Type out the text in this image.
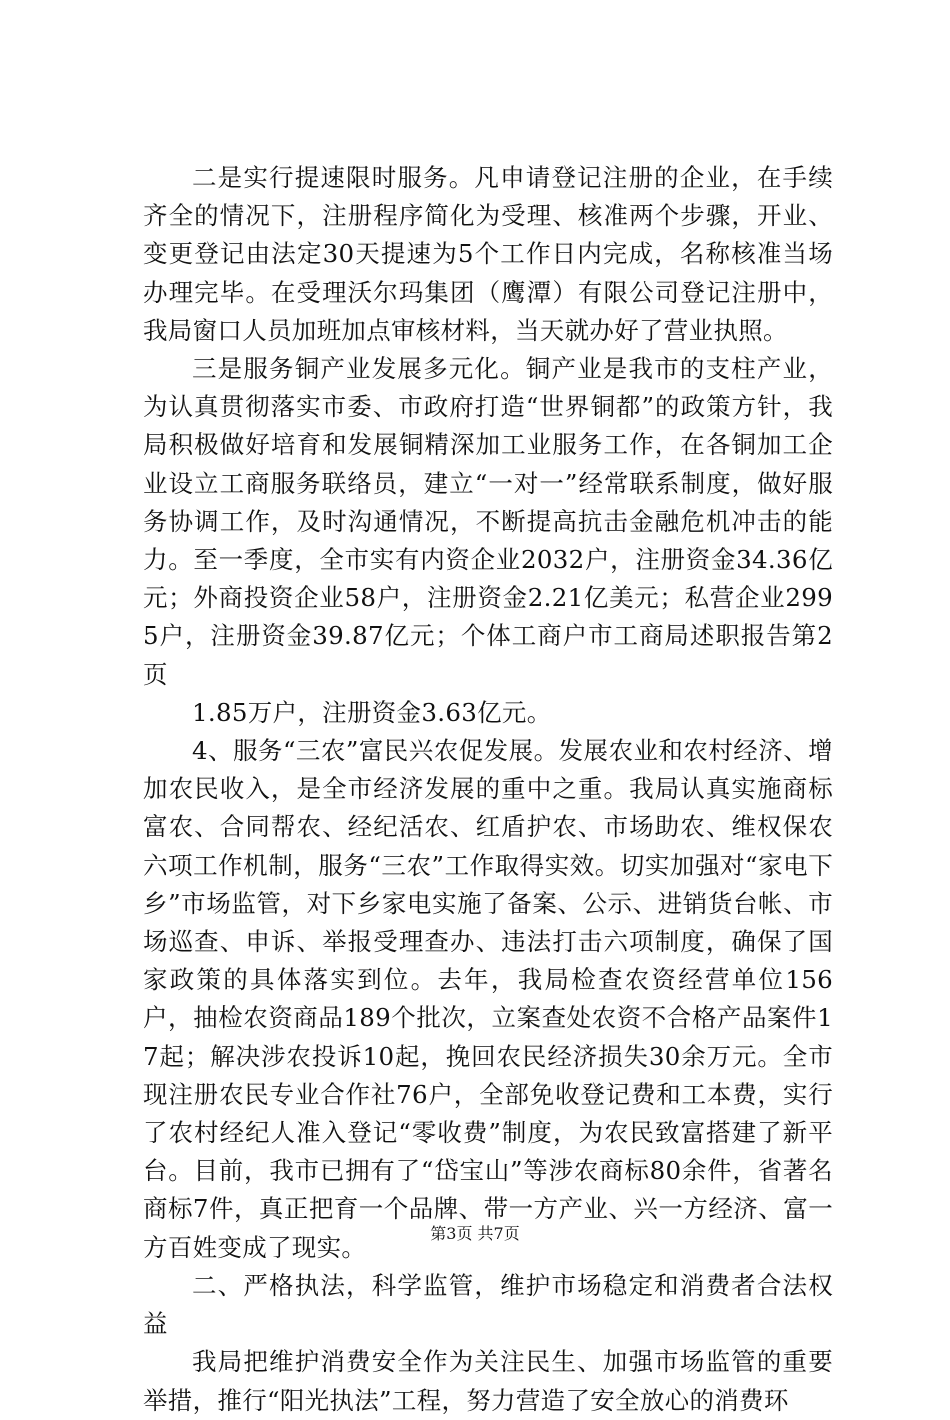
二是实行提速限时服务。凡申请登记注册的企业，在手续齐全的情况下，注册程序简化为受理、核准两个步骤，开业、变更登记由法定30天提速为5个工作日内完成，名称核准当场办理完毕。在受理沃尔玛集团（鹰潭）有限公司登记注册中，我局窗口人员加班加点审核材料，当天就办好了营业执照。

三是服务铜产业发展多元化。铜产业是我市的支柱产业，为认真贯彻落实市委、市政府打造“世界铜都”的政策方针，我局积极做好培育和发展铜精深加工业服务工作，在各铜加工企业设立工商服务联络员，建立“一对一”经常联系制度，做好服务协调工作，及时沟通情况，不断提高抗击金融危机冲击的能力。至一季度，全市实有内资企业2032户，注册资金34.36亿元；外商投资企业58户，注册资金2.21亿美元；私营企业2995户，注册资金39.87亿元；个体工商户市工商局述职报告第2页

1.85万户，注册资金3.63亿元。

4、服务“三农”富民兴农促发展。发展农业和农村经济、增加农民收入，是全市经济发展的重中之重。我局认真实施商标富农、合同帮农、经纪活农、红盾护农、市场助农、维权保农六项工作机制，服务“三农”工作取得实效。切实加强对“家电下乡”市场监管，对下乡家电实施了备案、公示、进销货台帐、市场巡查、申诉、举报受理查办、违法打击六项制度，确保了国家政策的具体落实到位。去年，我局检查农资经营单位156户，抽检农资商品189个批次，立案查处农资不合格产品案件17起；解决涉农投诉10起，挽回农民经济损失30余万元。全市现注册农民专业合作社76户，全部免收登记费和工本费，实行了农村经纪人准入登记“零收费”制度，为农民致富搭建了新平台。目前，我市已拥有了“岱宝山”等涉农商标80余件，省著名商标7件，真正把育一个品牌、带一方产业、兴一方经济、富一方百姓变成了现实。

二、严格执法，科学监管，维护市场稳定和消费者合法权益

我局把维护消费安全作为关注民生、加强市场监管的重要举措，推行“阳光执法”工程，努力营造了安全放心的消费环

第3页 共7页
